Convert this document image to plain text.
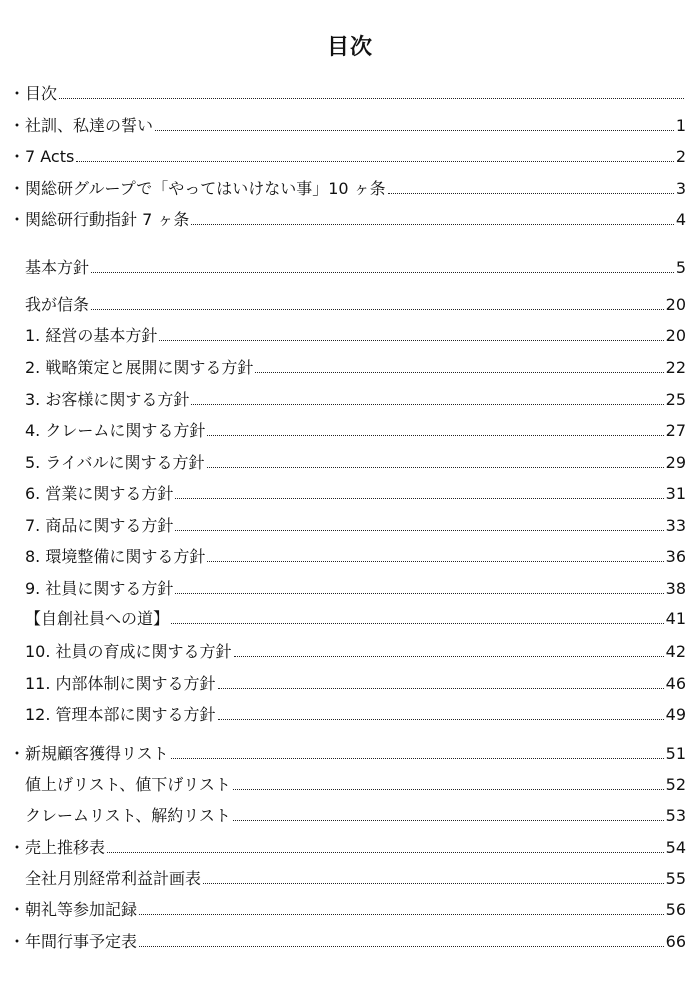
目次
・ 目次
・ 社訓、私達の誓い	1
・ 7 Acts	2
・ 関総研グループで「やってはいけない事」10 ヶ条	3
・ 関総研行動指針 7 ヶ条	4
基本方針	5
我が信条	20
1. 経営の基本方針	20
2. 戦略策定と展開に関する方針	22
3. お客様に関する方針	25
4. クレームに関する方針	27
5. ライバルに関する方針	29
6. 営業に関する方針	31
7. 商品に関する方針	33
8. 環境整備に関する方針	36
9. 社員に関する方針	38
【自創社員への道】	41
10. 社員の育成に関する方針	42
11. 内部体制に関する方針	46
12. 管理本部に関する方針	49
・ 新規顧客獲得リスト	51
値上げリスト、値下げリスト	52
クレームリスト、解約リスト	53
・ 売上推移表	54
全社月別経常利益計画表	55
・ 朝礼等参加記録	56
・ 年間行事予定表	66
